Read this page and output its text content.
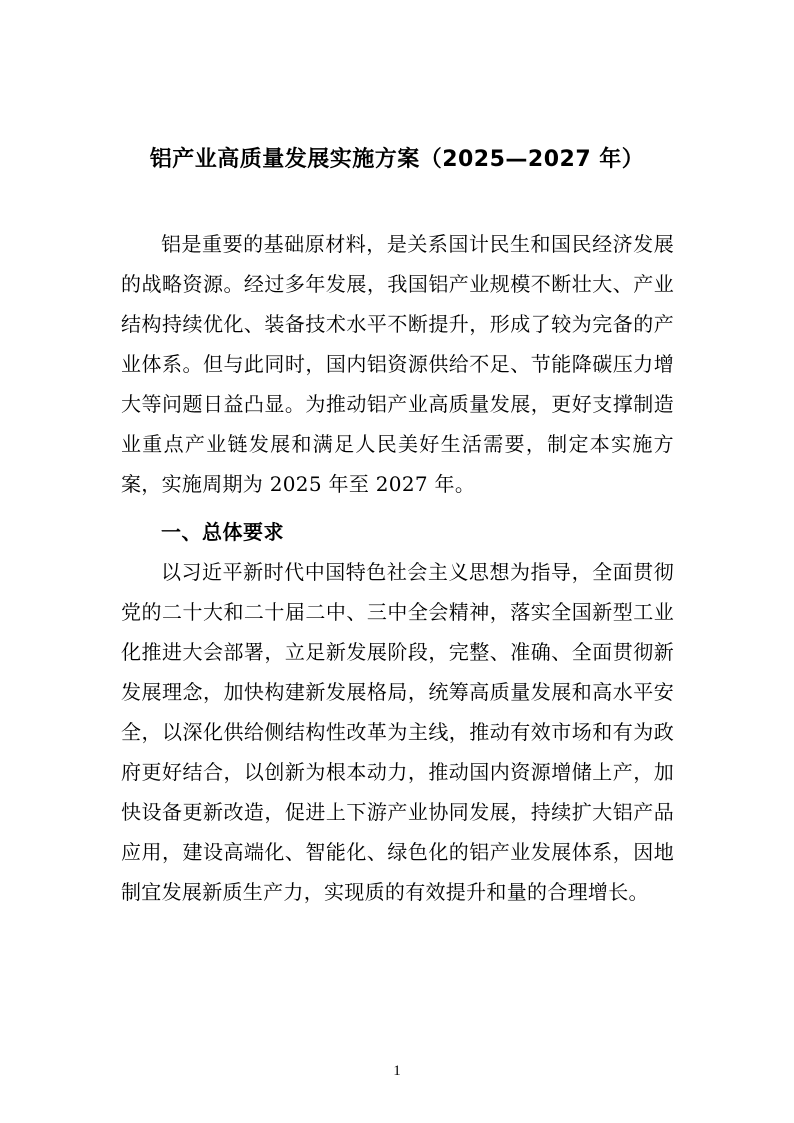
铝产业高质量发展实施方案（2025—2027 年）

铝是重要的基础原材料，是关系国计民生和国民经济发展的战略资源。经过多年发展，我国铝产业规模不断壮大、产业结构持续优化、装备技术水平不断提升，形成了较为完备的产业体系。但与此同时，国内铝资源供给不足、节能降碳压力增大等问题日益凸显。为推动铝产业高质量发展，更好支撑制造业重点产业链发展和满足人民美好生活需要，制定本实施方案，实施周期为 2025 年至 2027 年。

一、总体要求

以习近平新时代中国特色社会主义思想为指导，全面贯彻党的二十大和二十届二中、三中全会精神，落实全国新型工业化推进大会部署，立足新发展阶段，完整、准确、全面贯彻新发展理念，加快构建新发展格局，统筹高质量发展和高水平安全，以深化供给侧结构性改革为主线，推动有效市场和有为政府更好结合，以创新为根本动力，推动国内资源增储上产，加快设备更新改造，促进上下游产业协同发展，持续扩大铝产品应用，建设高端化、智能化、绿色化的铝产业发展体系，因地制宜发展新质生产力，实现质的有效提升和量的合理增长。

1
